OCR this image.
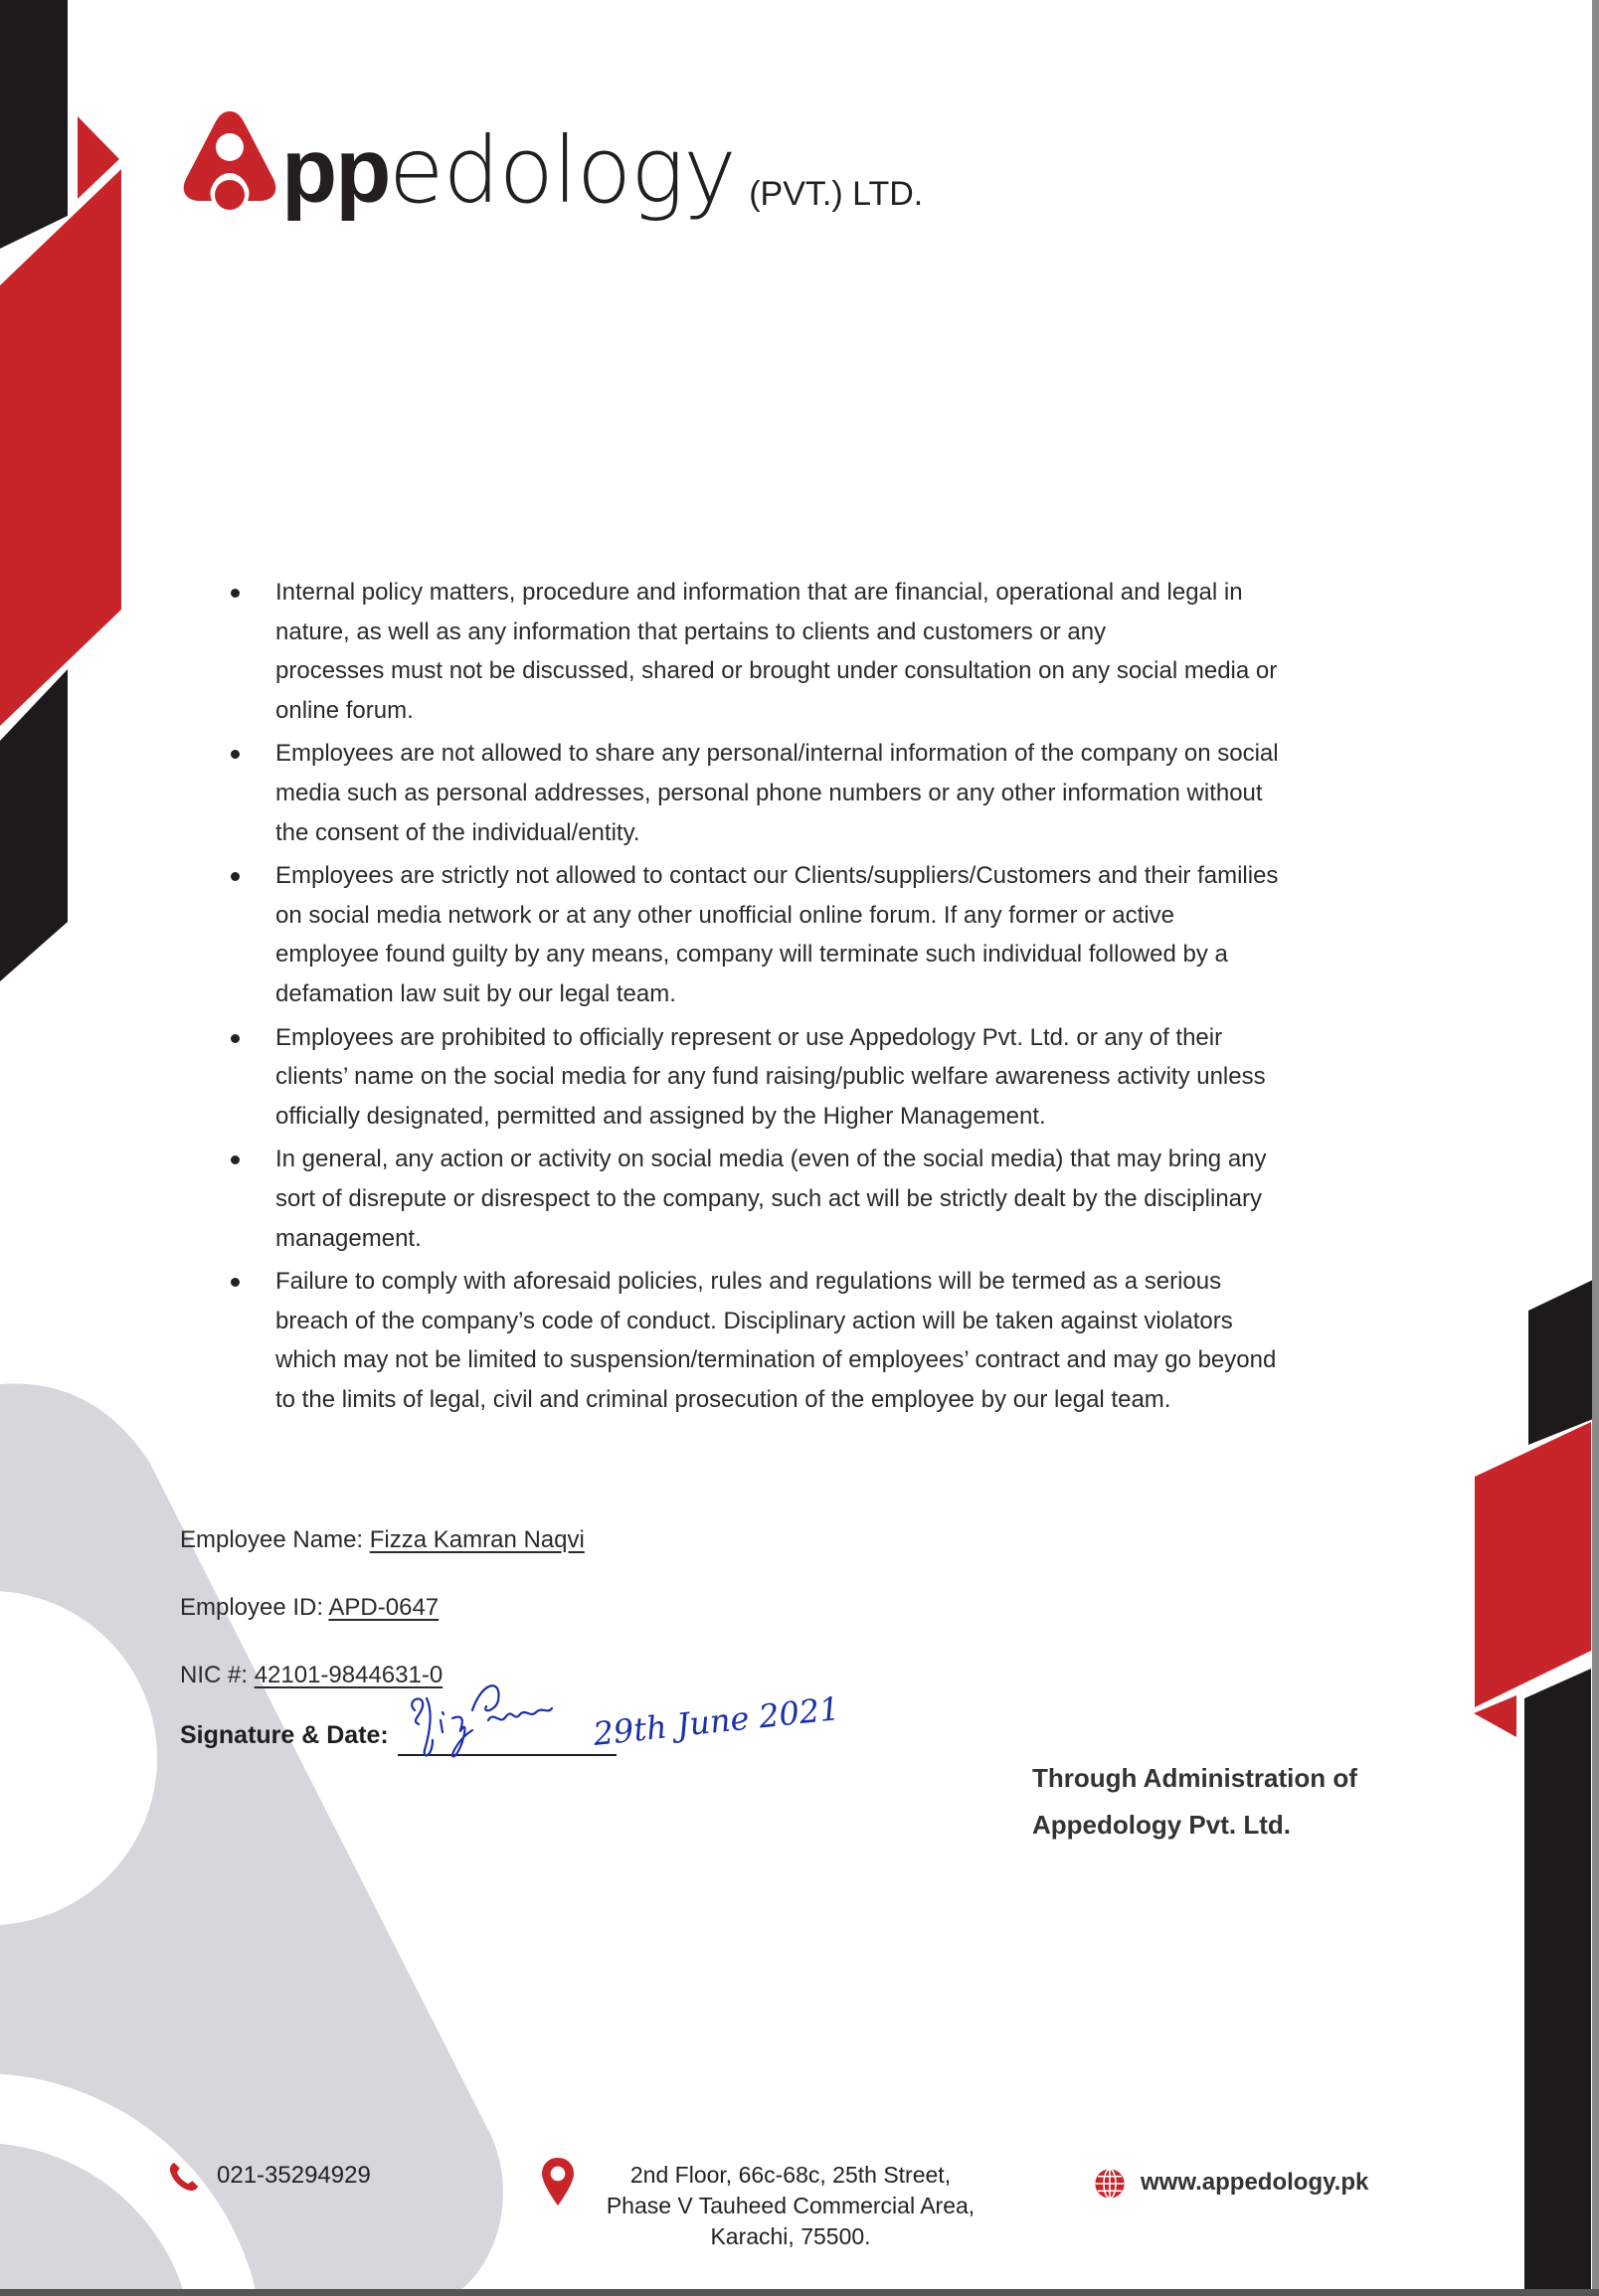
pp edology (PVT.) LTD.
Internal policy matters, procedure and information that are financial, operational and legal in
nature, as well as any information that pertains to clients and customers or any
processes must not be discussed, shared or brought under consultation on any social media or
online forum.
Employees are not allowed to share any personal/internal information of the company on social
media such as personal addresses, personal phone numbers or any other information without
the consent of the individual/entity.
Employees are strictly not allowed to contact our Clients/suppliers/Customers and their families
on social media network or at any other unofficial online forum. If any former or active
employee found guilty by any means, company will terminate such individual followed by a
defamation law suit by our legal team.
Employees are prohibited to officially represent or use Appedology Pvt. Ltd. or any of their
clients’ name on the social media for any fund raising/public welfare awareness activity unless
officially designated, permitted and assigned by the Higher Management.
In general, any action or activity on social media (even of the social media) that may bring any
sort of disrepute or disrespect to the company, such act will be strictly dealt by the disciplinary
management.
Failure to comply with aforesaid policies, rules and regulations will be termed as a serious
breach of the company’s code of conduct. Disciplinary action will be taken against violators
which may not be limited to suspension/termination of employees’ contract and may go beyond
to the limits of legal, civil and criminal prosecution of the employee by our legal team.
Employee Name: Fizza Kamran Naqvi
Employee ID: APD-0647
NIC #: 42101-9844631-0
Signature & Date:	29th June 2021
Through Administration of
Appedology Pvt. Ltd.
021-35294929	2nd Floor, 66c-68c, 25th Street,
Phase V Tauheed Commercial Area,
Karachi, 75500.
www.appedology.pk
